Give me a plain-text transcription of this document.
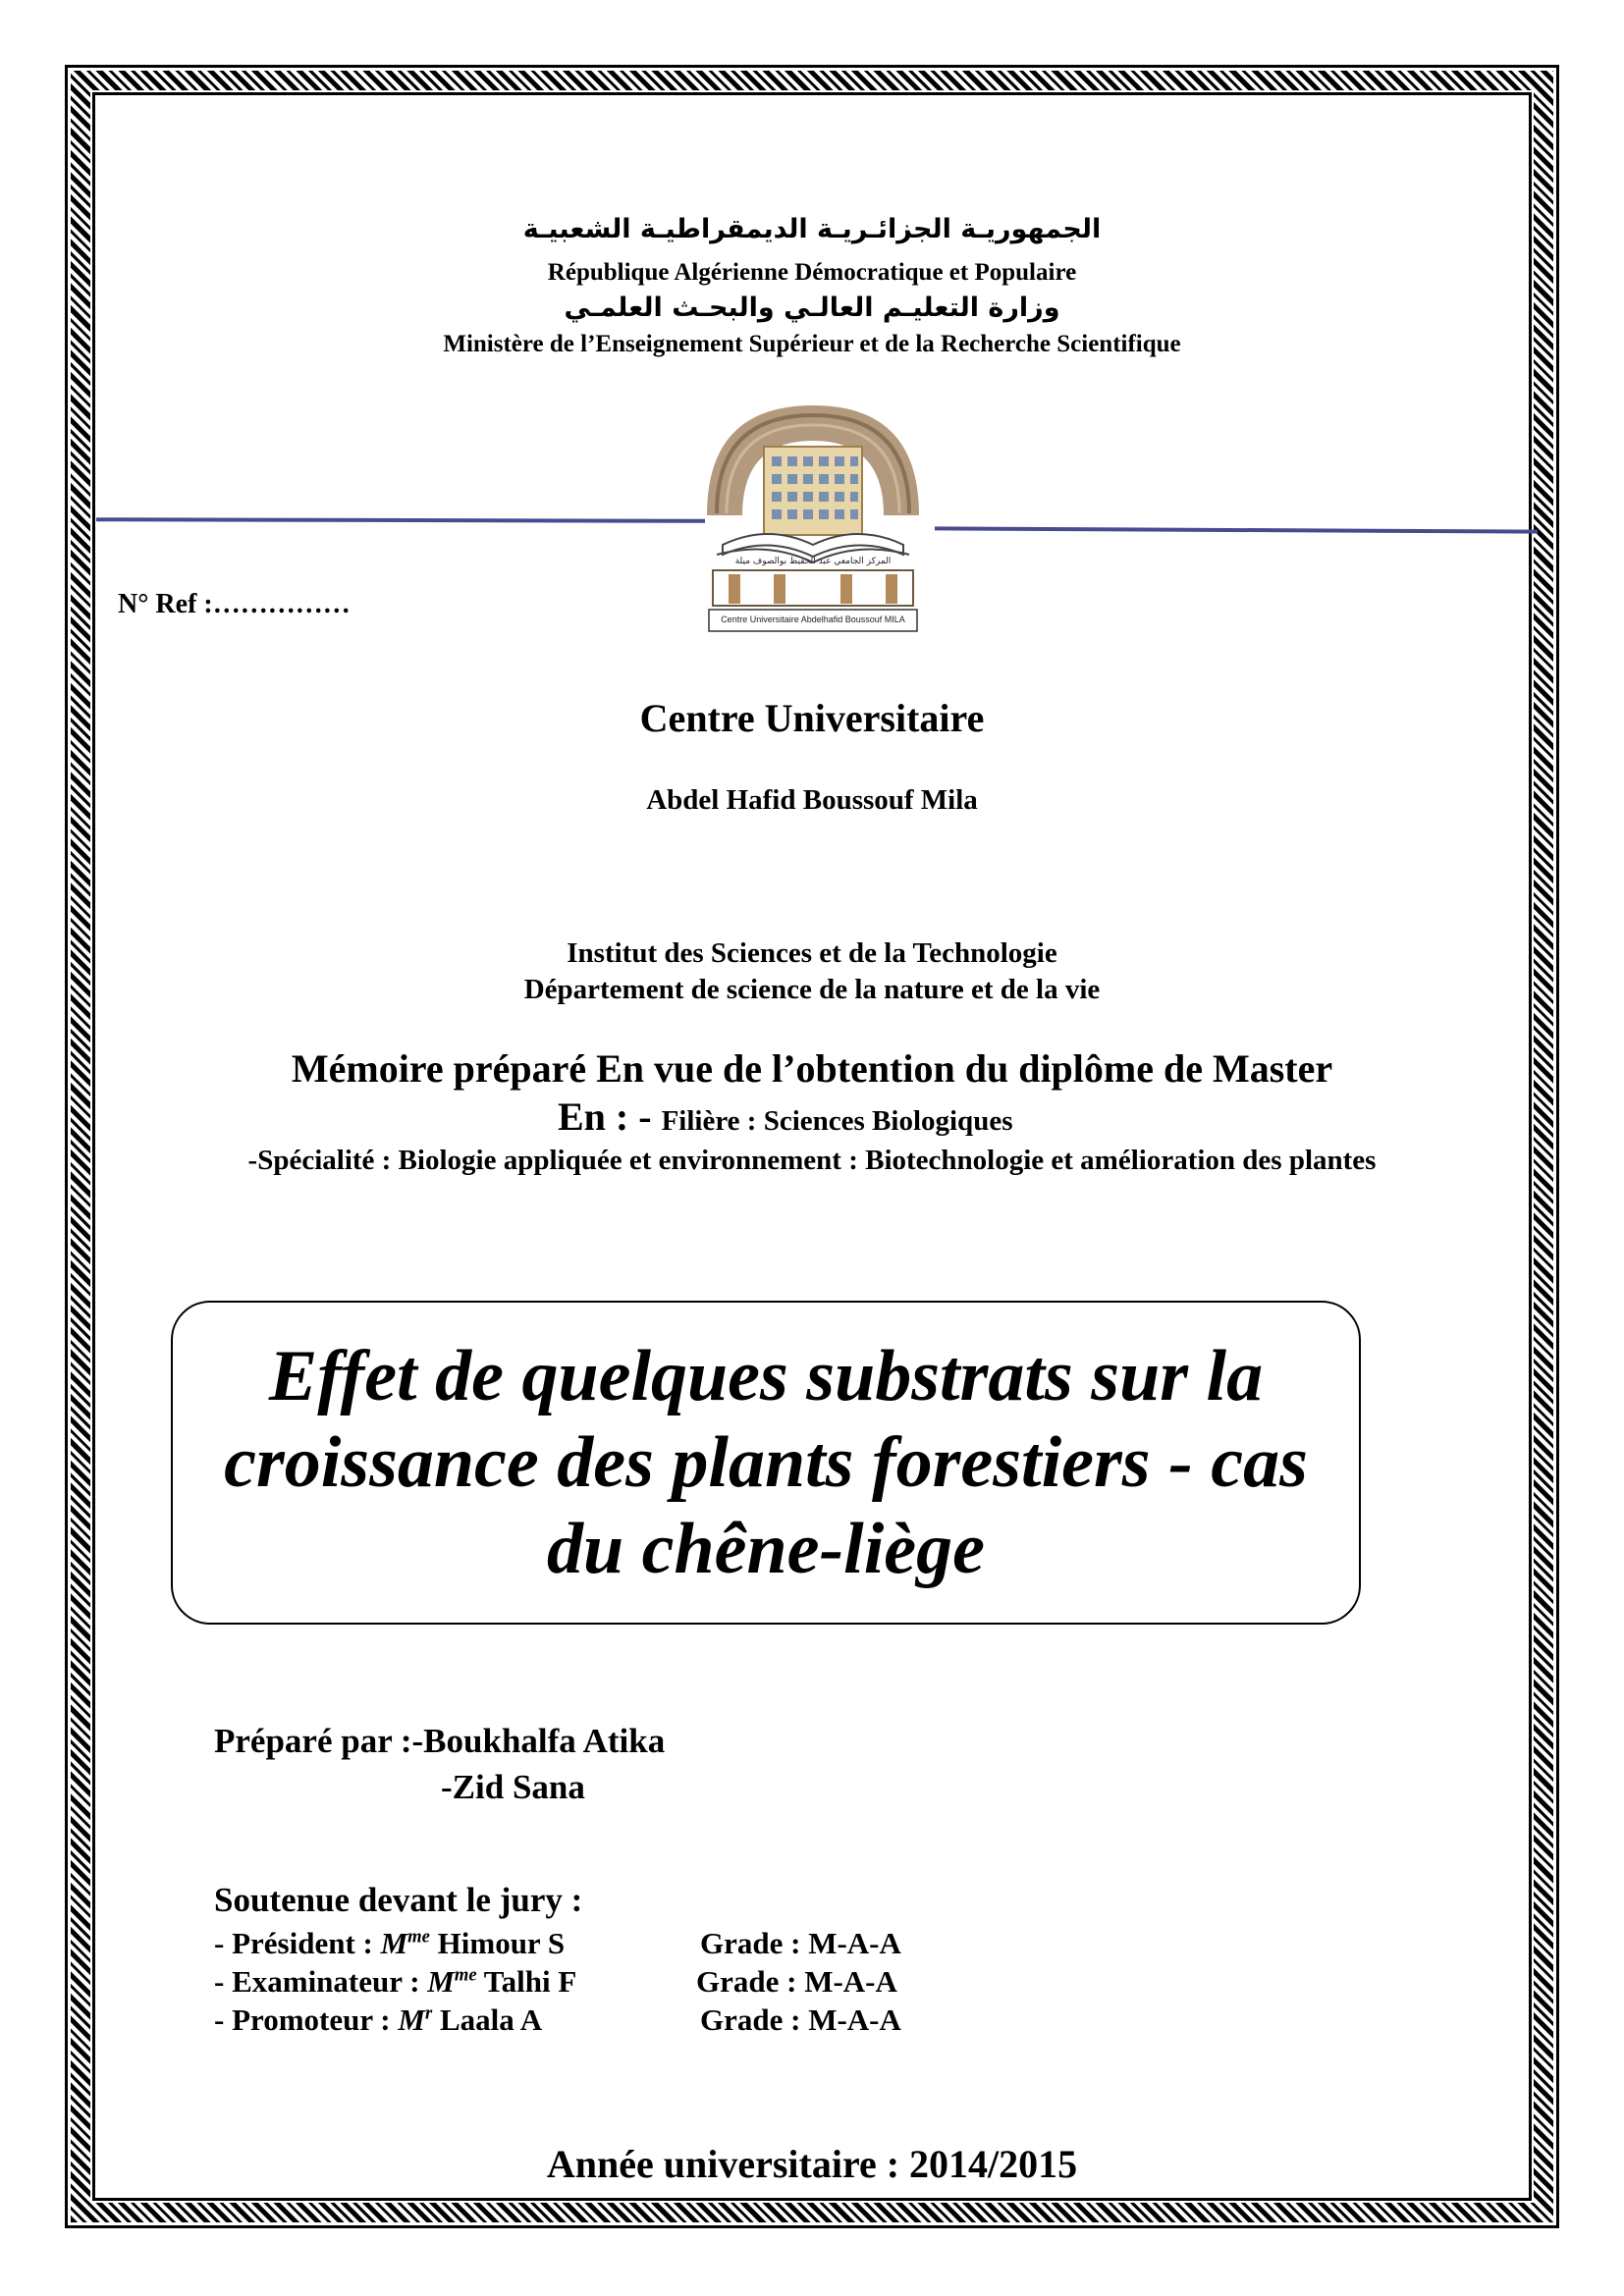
الجمهوريـة الجزائـريـة الديمقراطيـة الشعبيـة
République Algérienne Démocratique et Populaire
وزارة التعليـم العالـي والبحـث العلمـي
Ministère de l’Enseignement Supérieur et de la Recherche Scientifique
المركز الجامعي عبد الحفيظ بوالصوف ميلة
Centre Universitaire Abdelhafid Boussouf MILA
N° Ref :……………
Centre Universitaire
Abdel Hafid Boussouf Mila
Institut des Sciences et de la Technologie
Département de science de la nature et de la vie
Mémoire préparé En vue de l’obtention du diplôme de Master
En : - Filière : Sciences Biologiques
-Spécialité : Biologie appliquée et environnement : Biotechnologie et amélioration des plantes
Effet de quelques substrats sur la croissance des plants forestiers - cas du chêne-liège
Préparé par :-Boukhalfa Atika
-Zid Sana
Soutenue devant le jury :
- Président : $M^{me}$ Himour S	Grade : M-A-A
- Examinateur : $M^{me}$ Talhi F	Grade : M-A-A
- Promoteur : $M^r$ Laala A	Grade : M-A-A
Année universitaire : 2014/2015
